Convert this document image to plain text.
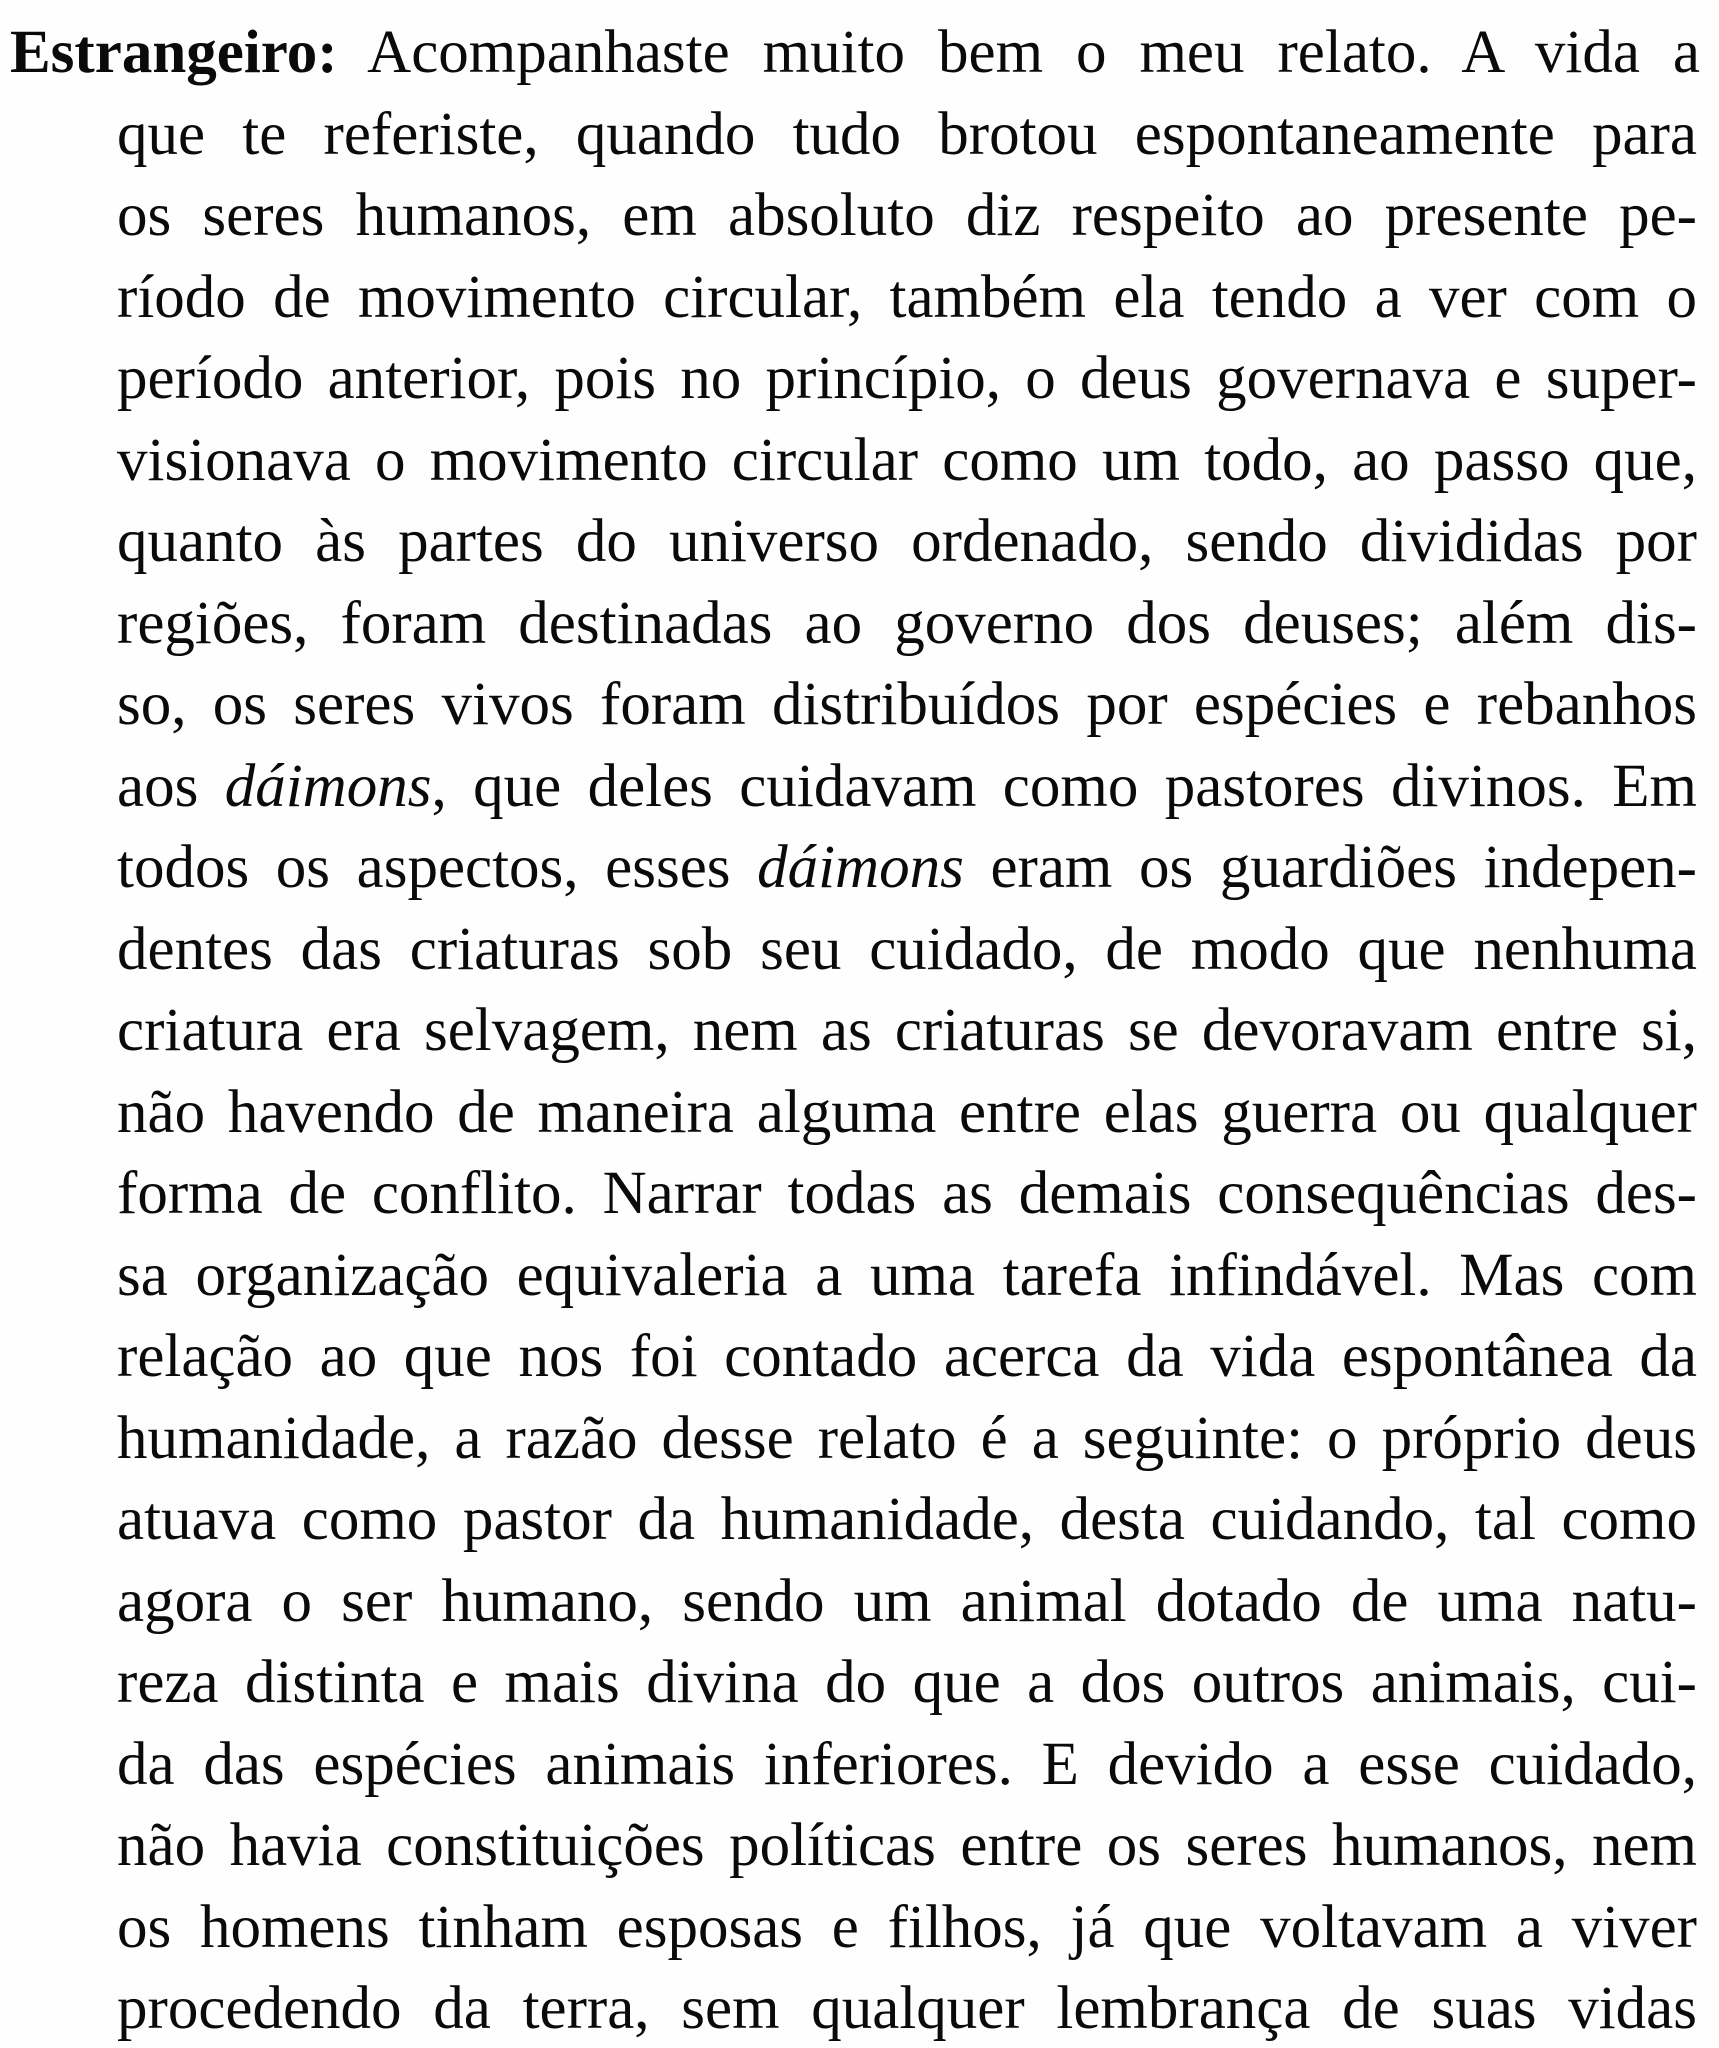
Estrangeiro: Acompanhaste muito bem o meu relato. A vida a
que te referiste, quando tudo brotou espontaneamente para
os seres humanos, em absoluto diz respeito ao presente pe-
ríodo de movimento circular, também ela tendo a ver com o
período anterior, pois no princípio, o deus governava e super-
visionava o movimento circular como um todo, ao passo que,
quanto às partes do universo ordenado, sendo divididas por
regiões, foram destinadas ao governo dos deuses; além dis-
so, os seres vivos foram distribuídos por espécies e rebanhos
aos dáimons, que deles cuidavam como pastores divinos. Em
todos os aspectos, esses dáimons eram os guardiões indepen-
dentes das criaturas sob seu cuidado, de modo que nenhuma
criatura era selvagem, nem as criaturas se devoravam entre si,
não havendo de maneira alguma entre elas guerra ou qualquer
forma de conflito. Narrar todas as demais consequências des-
sa organização equivaleria a uma tarefa infindável. Mas com
relação ao que nos foi contado acerca da vida espontânea da
humanidade, a razão desse relato é a seguinte: o próprio deus
atuava como pastor da humanidade, desta cuidando, tal como
agora o ser humano, sendo um animal dotado de uma natu-
reza distinta e mais divina do que a dos outros animais, cui-
da das espécies animais inferiores. E devido a esse cuidado,
não havia constituições políticas entre os seres humanos, nem
os homens tinham esposas e filhos, já que voltavam a viver
procedendo da terra, sem qualquer lembrança de suas vidas
